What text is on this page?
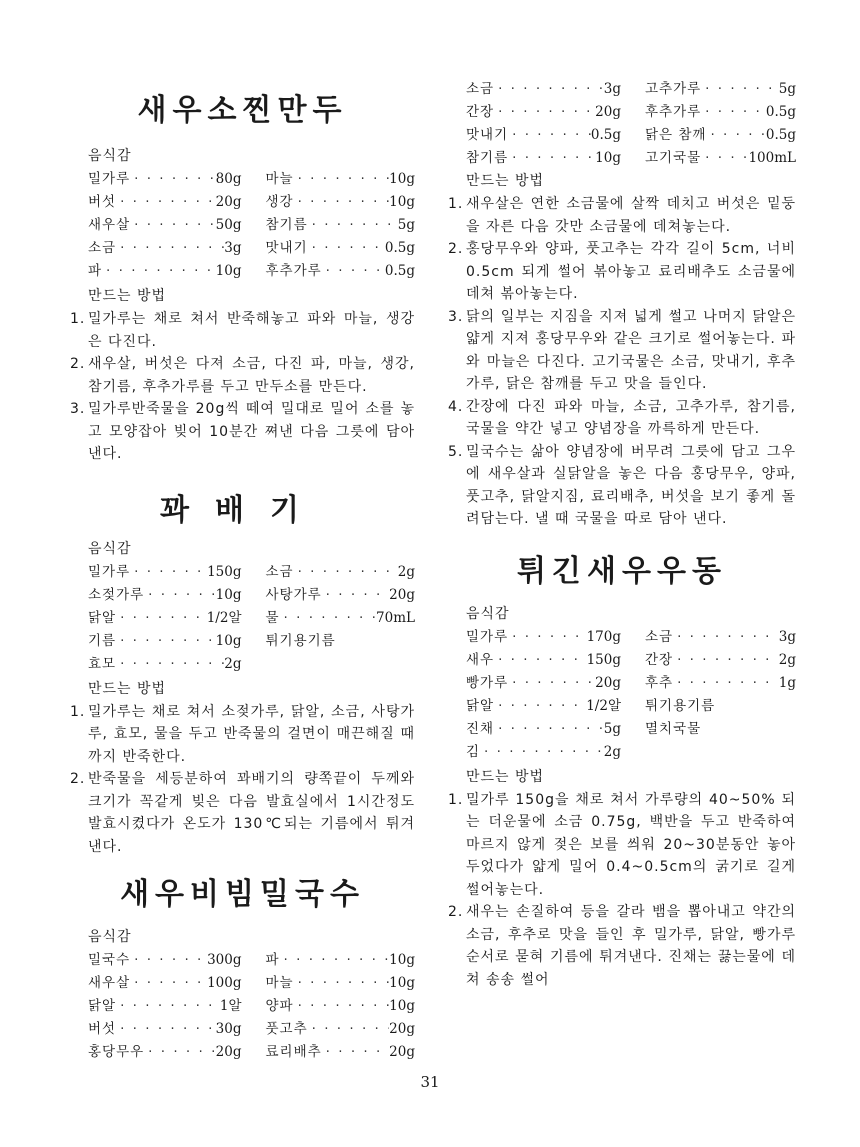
새우소찐만두
음식감
밀가루 · · ·	80g 마늘 · · ·	10g
버섯 · · ·	20g 생강 · · ·	10g
새우살 · · ·	50g 참기름 · · ·	5g
소금 · · ·	3g 맛내기 · · ·	0.5g
파 · · ·	10g 후추가루 · · ·	0.5g
만드는 방법
1. 밀가루는 채로 쳐서 반죽해놓고 파와 마늘, 생강은 다진다.
2. 새우살, 버섯은 다져 소금, 다진 파, 마늘, 생강, 참기름, 후추가루를 두고 만두소를 만든다.
3. 밀가루반죽물을 20g씩 떼여 밀대로 밀어 소를 놓고 모양잡아 빚어 10분간 쪄낸 다음 그릇에 담아 낸다.
꽈배기
음식감
밀가루 · · ·	150g 소금 · · ·	2g
소젖가루 · · ·	10g 사탕가루 · · ·	20g
닭알 · · ·	1/2알 물 · · ·	70mL
기름 · · ·	10g 튀기용기름
효모 · · ·	2g
만드는 방법
1. 밀가루는 채로 쳐서 소젖가루, 닭알, 소금, 사탕가루, 효모, 물을 두고 반죽물의 걸면이 매끈해질 때까지 반죽한다.
2. 반죽물을 세등분하여 꽈배기의 량쪽끝이 두께와 크기가 꼭같게 빚은 다음 발효실에서 1시간정도 발효시켰다가 온도가 130℃되는 기름에서 튀겨 낸다.
새우비빔밀국수
음식감
밀국수 · · ·	300g 파 · · ·	10g
새우살 · · ·	100g 마늘 · · ·	10g
닭알 · · ·	1알 양파 · · ·	10g
버섯 · · ·	30g 풋고추 · · ·	20g
홍당무우 · · ·	20g 료리배추 · · ·	20g
소금 · · ·	3g 고추가루 · · ·	5g
간장 · · ·	20g 후추가루 · · ·	0.5g
맛내기 · · ·	0.5g 닭은 참깨 · · ·	0.5g
참기름 · · ·	10g 고기국물 · · ·	100mL
만드는 방법
1. 새우살은 연한 소금물에 살짝 데치고 버섯은 밑둥을 자른 다음 갓만 소금물에 데쳐놓는다.
2. 홍당무우와 양파, 풋고추는 각각 길이 5cm, 너비 0.5cm 되게 썰어 볶아놓고 료리배추도 소금물에 데쳐 볶아놓는다.
3. 닭의 일부는 지짐을 지져 넓게 썰고 나머지 닭알은 얇게 지져 홍당무우와 같은 크기로 썰어놓는다. 파와 마늘은 다진다. 고기국물은 소금, 맛내기, 후추가루, 닭은 참깨를 두고 맛을 들인다.
4. 간장에 다진 파와 마늘, 소금, 고추가루, 참기름, 국물을 약간 넣고 양념장을 까륵하게 만든다.
5. 밀국수는 삶아 양념장에 버무려 그릇에 담고 그우에 새우살과 실닭알을 놓은 다음 홍당무우, 양파, 풋고추, 닭알지짐, 료리배추, 버섯을 보기 좋게 돌려담는다. 낼 때 국물을 따로 담아 낸다.
튀긴새우우동
음식감
밀가루 · · ·	170g 소금 · · ·	3g
새우 · · ·	150g 간장 · · ·	2g
빵가루 · · ·	20g 후추 · · ·	1g
닭알 · · ·	1/2알 튀기용기름
진채 · · ·	5g 멸치국물
김 · · ·	2g
만드는 방법
1. 밀가루 150g을 채로 쳐서 가루량의 40~50% 되는 더운물에 소금 0.75g, 백반을 두고 반죽하여 마르지 않게 젖은 보를 씌워 20~30분동안 놓아두었다가 얇게 밀어 0.4~0.5cm의 굵기로 길게 썰어놓는다.
2. 새우는 손질하여 등을 갈라 뱀을 뽑아내고 약간의 소금, 후추로 맛을 들인 후 밀가루, 닭알, 빵가루순서로 묻혀 기름에 튀겨낸다. 진채는 끓는물에 데쳐 송송 썰어
31
